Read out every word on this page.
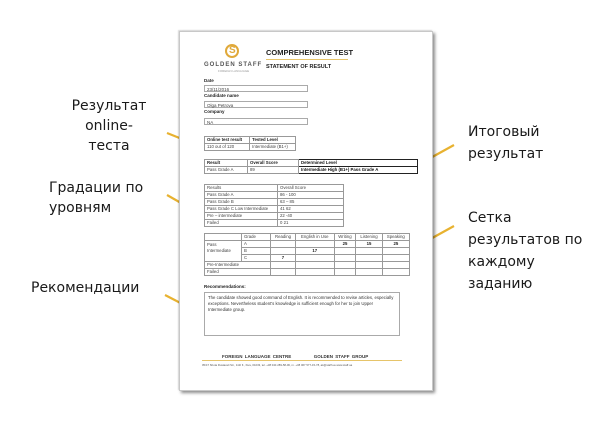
Результат
online-теста
Градации по
уровням
Рекомендации
Итоговый
результат
Сетка
результатов по
каждому
заданию
S
GOLDEN STAFF
FOREIGN LANGUAGE
COMPREHENSIVE TEST
STATEMENT OF RESULT
Date
23/11/2016
Candidate name
Olga Petrova
Company
NA
Online test result	Tested Level
110 out of 120	Intermediate (B1+)
Result	Overall Score	Determined Level
Pass Grade A	89	Intermediate High (B1+) Pass Grade A
Results	Overall Score
Pass Grade A	86 - 100
Pass Grade B	63 – 85
Pass Grade C Low Intermediate	41 62
Pre – intermediate	22 -40
Failed	0 21
	Grade	Reading	English in Use	Writing	Listening	Speaking

Pass
Intermediate	A			25	15	25
	B		17			
	C	7				
Pre-Intermediate						
Failed						
Recommendations:
The candidate showed good command of English. It is recommended to revise articles, especially exceptions. Nevertheless student's knowledge is sufficient enough for her to join Upper Intermediate group.
FOREIGN LANGUAGE CENTRE	GOLDEN STAFF GROUP
05/47 Shota Rustaveli Str., 11th fl., Kiev, 01033, tel. +38 044 289-58-06, m. +38 067 577-15-78, ak@staff.ua www.staff.ua
